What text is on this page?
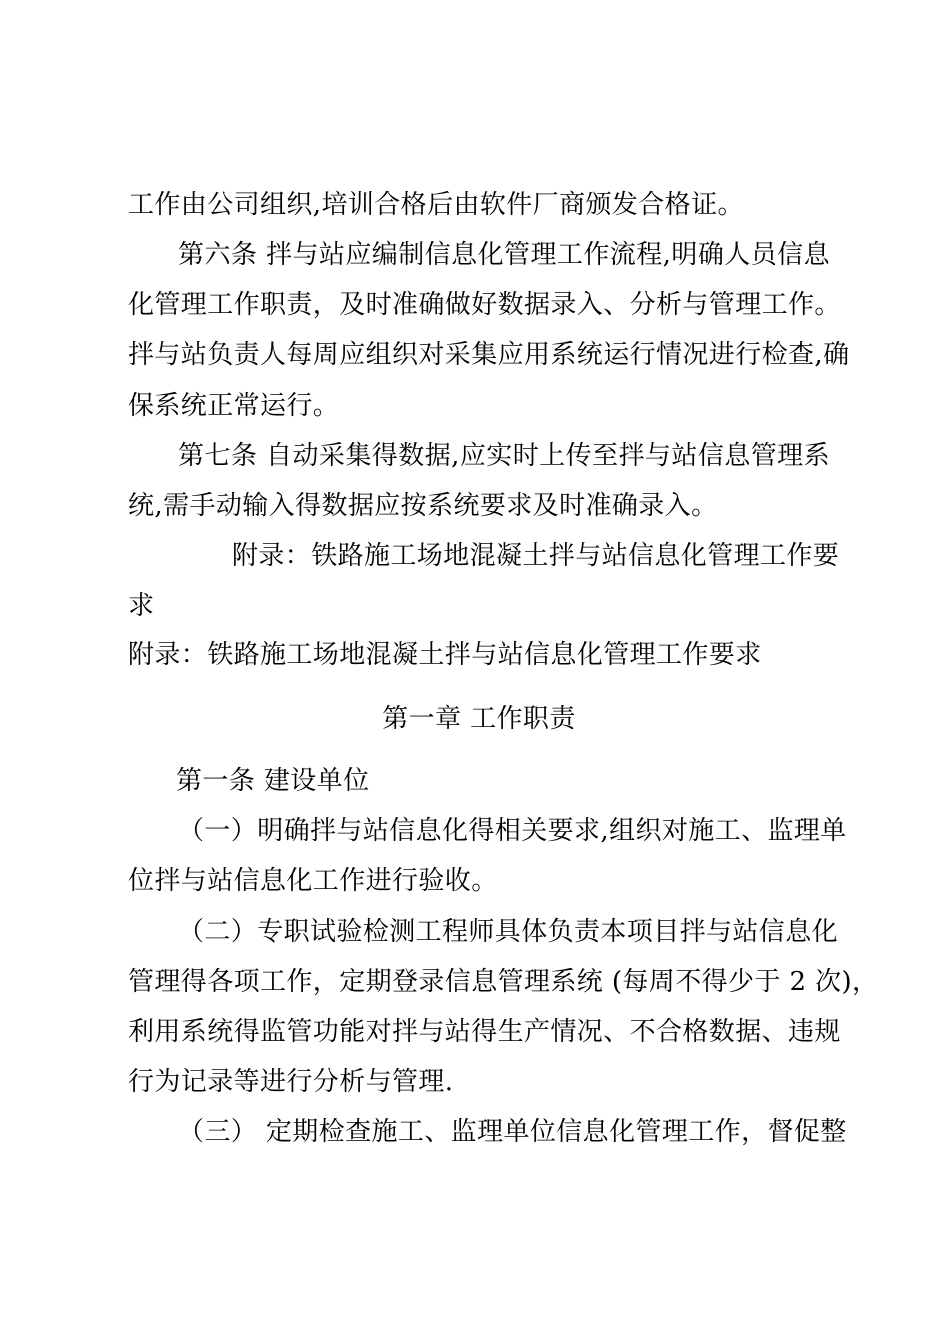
工作由公司组织,培训合格后由软件厂商颁发合格证。
第六条 拌与站应编制信息化管理工作流程,明确人员信息
化管理工作职责，及时准确做好数据录入、分析与管理工作。
拌与站负责人每周应组织对采集应用系统运行情况进行检查,确
保系统正常运行。
第七条 自动采集得数据,应实时上传至拌与站信息管理系
统,需手动输入得数据应按系统要求及时准确录入。
附录：铁路施工场地混凝土拌与站信息化管理工作要
求
附录：铁路施工场地混凝土拌与站信息化管理工作要求
第一章 工作职责
第一条 建设单位
（一）明确拌与站信息化得相关要求,组织对施工、监理单
位拌与站信息化工作进行验收。
（二）专职试验检测工程师具体负责本项目拌与站信息化
管理得各项工作，定期登录信息管理系统 (每周不得少于 2 次)，
利用系统得监管功能对拌与站得生产情况、不合格数据、违规
行为记录等进行分析与管理.
（三） 定期检查施工、监理单位信息化管理工作，督促整
